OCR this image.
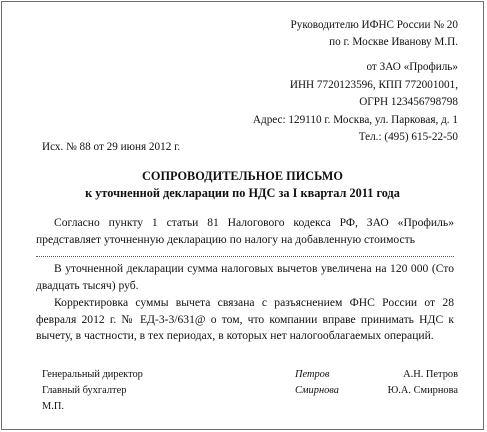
Руководителю ИФНС России № 20
по г. Москве Иванову М.П.
от ЗАО «Профиль»
ИНН 7720123596, КПП 772001001,
ОГРН 123456798798
Адрес: 129110 г. Москва, ул. Парковая, д. 1
Тел.: (495) 615-22-50
Исх. № 88 от 29 июня 2012 г.
СОПРОВОДИТЕЛЬНОЕ ПИСЬМО
к уточненной декларации по НДС за I квартал 2011 года
Согласно пункту 1 статьи 81 Налогового кодекса РФ, ЗАО «Профиль» представляет уточненную декларацию по налогу на добавленную стоимость
В уточненной декларации сумма налоговых вычетов увеличена на 120 000 (Сто двадцать тысяч) руб.
Корректировка суммы вычета связана с разъяснением ФНС России от 28 февраля 2012 г. № ЕД-3-3/631@ о том, что компании вправе принимать НДС к вычету, в частности, в тех периодах, в которых нет налогооблагаемых операций.
Генеральный директор	Петров	А.Н. Петров
Главный бухгалтер	Смирнова	Ю.А. Смирнова
М.П.
